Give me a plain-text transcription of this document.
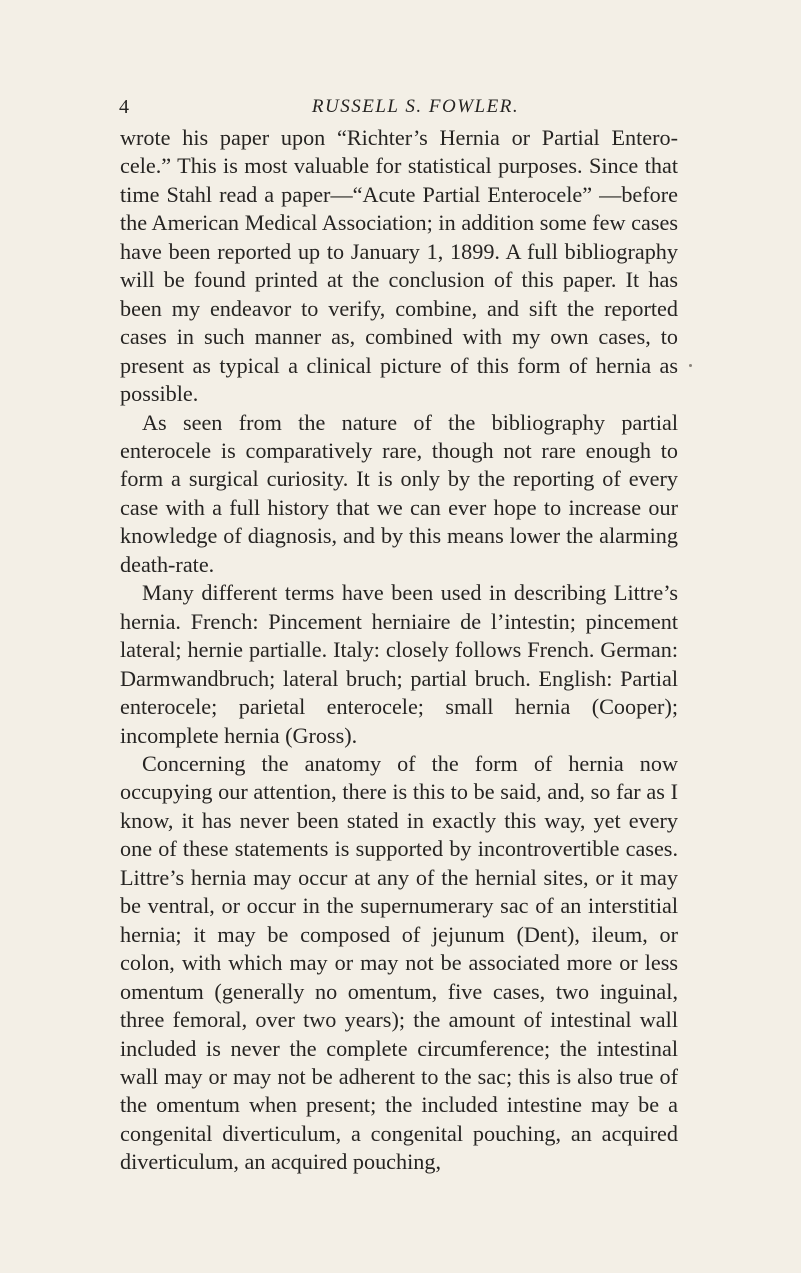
4	RUSSELL S. FOWLER.

wrote his paper upon “Richter’s Hernia or Partial Entero-cele.” This is most valuable for statistical purposes. Since that time Stahl read a paper—“Acute Partial Enterocele” —before the American Medical Association; in addition some few cases have been reported up to January 1, 1899. A full bibliography will be found printed at the conclusion of this paper. It has been my endeavor to verify, combine, and sift the reported cases in such manner as, combined with my own cases, to present as typical a clinical picture of this form of hernia as possible.

As seen from the nature of the bibliography partial enterocele is comparatively rare, though not rare enough to form a surgical curiosity. It is only by the reporting of every case with a full history that we can ever hope to increase our knowledge of diagnosis, and by this means lower the alarming death-rate.

Many different terms have been used in describing Littre’s hernia. French: Pincement herniaire de l’intestin; pincement lateral; hernie partialle. Italy: closely follows French. German: Darmwandbruch; lateral bruch; partial bruch. English: Partial enterocele; parietal enterocele; small hernia (Cooper); incomplete hernia (Gross).

Concerning the anatomy of the form of hernia now occupying our attention, there is this to be said, and, so far as I know, it has never been stated in exactly this way, yet every one of these statements is supported by incontrovertible cases. Littre’s hernia may occur at any of the hernial sites, or it may be ventral, or occur in the supernumerary sac of an interstitial hernia; it may be composed of jejunum (Dent), ileum, or colon, with which may or may not be associated more or less omentum (generally no omentum, five cases, two inguinal, three femoral, over two years); the amount of intestinal wall included is never the complete circumference; the intestinal wall may or may not be adherent to the sac; this is also true of the omentum when present; the included intestine may be a congenital diverticulum, a congenital pouching, an acquired diverticulum, an acquired pouching,
